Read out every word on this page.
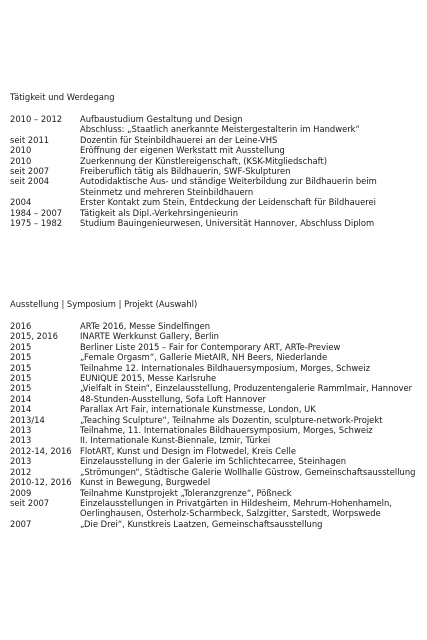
Tätigkeit und Werdegang
2010 – 2012	Aufbaustudium Gestaltung und Design
Abschluss: „Staatlich anerkannte Meistergestalterin im Handwerk“
seit 2011	Dozentin für Steinbildhauerei an der Leine-VHS
2010	Eröffnung der eigenen Werkstatt mit Ausstellung
2010	Zuerkennung der Künstlereigenschaft, (KSK-Mitgliedschaft)
seit 2007	Freiberuflich tätig als Bildhauerin, SWF-Skulpturen
seit 2004	Autodidaktische Aus- und ständige Weiterbildung zur Bildhauerin beim
Steinmetz und mehreren Steinbildhauern
2004	Erster Kontakt zum Stein, Entdeckung der Leidenschaft für Bildhauerei
1984 – 2007	Tätigkeit als Dipl.-Verkehrsingenieurin
1975 – 1982	Studium Bauingenieurwesen, Universität Hannover, Abschluss Diplom
Ausstellung | Symposium | Projekt (Auswahl)
2016	ARTe 2016, Messe Sindelfingen
2015, 2016	INARTE Werkkunst Gallery, Berlin
2015	Berliner Liste 2015 – Fair for Contemporary ART, ARTe-Preview
2015	„Female Orgasm“, Gallerie MietAIR, NH Beers, Niederlande
2015	Teilnahme 12. Internationales Bildhauersymposium, Morges, Schweiz
2015	EUNIQUE 2015, Messe Karlsruhe
2015	„Vielfalt in Stein“, Einzelausstellung, Produzentengalerie Rammlmair, Hannover
2014	48-Stunden-Ausstellung, Sofa Loft Hannover
2014	Parallax Art Fair, internationale Kunstmesse, London, UK
2013/14	„Teaching Sculpture“, Teilnahme als Dozentin, sculpture-network-Projekt
2013	Teilnahme, 11. Internationales Bildhauersymposium, Morges, Schweiz
2013	II. Internationale Kunst-Biennale, Izmir, Türkei
2012-14, 2016 FlotART, Kunst und Design im Flotwedel, Kreis Celle
2013	Einzelausstellung in der Galerie im Schlichtecarree, Steinhagen
2012	„Strömungen“, Städtische Galerie Wollhalle Güstrow, Gemeinschaftsausstellung
2010-12, 2016 Kunst in Bewegung, Burgwedel
2009	Teilnahme Kunstprojekt „Toleranzgrenze“, Pößneck
seit 2007	Einzelausstellungen in Privatgärten in Hildesheim, Mehrum-Hohenhameln,
Oerlinghausen, Osterholz-Scharmbeck, Salzgitter, Sarstedt, Worpswede
2007	„Die Drei“, Kunstkreis Laatzen, Gemeinschaftsausstellung
